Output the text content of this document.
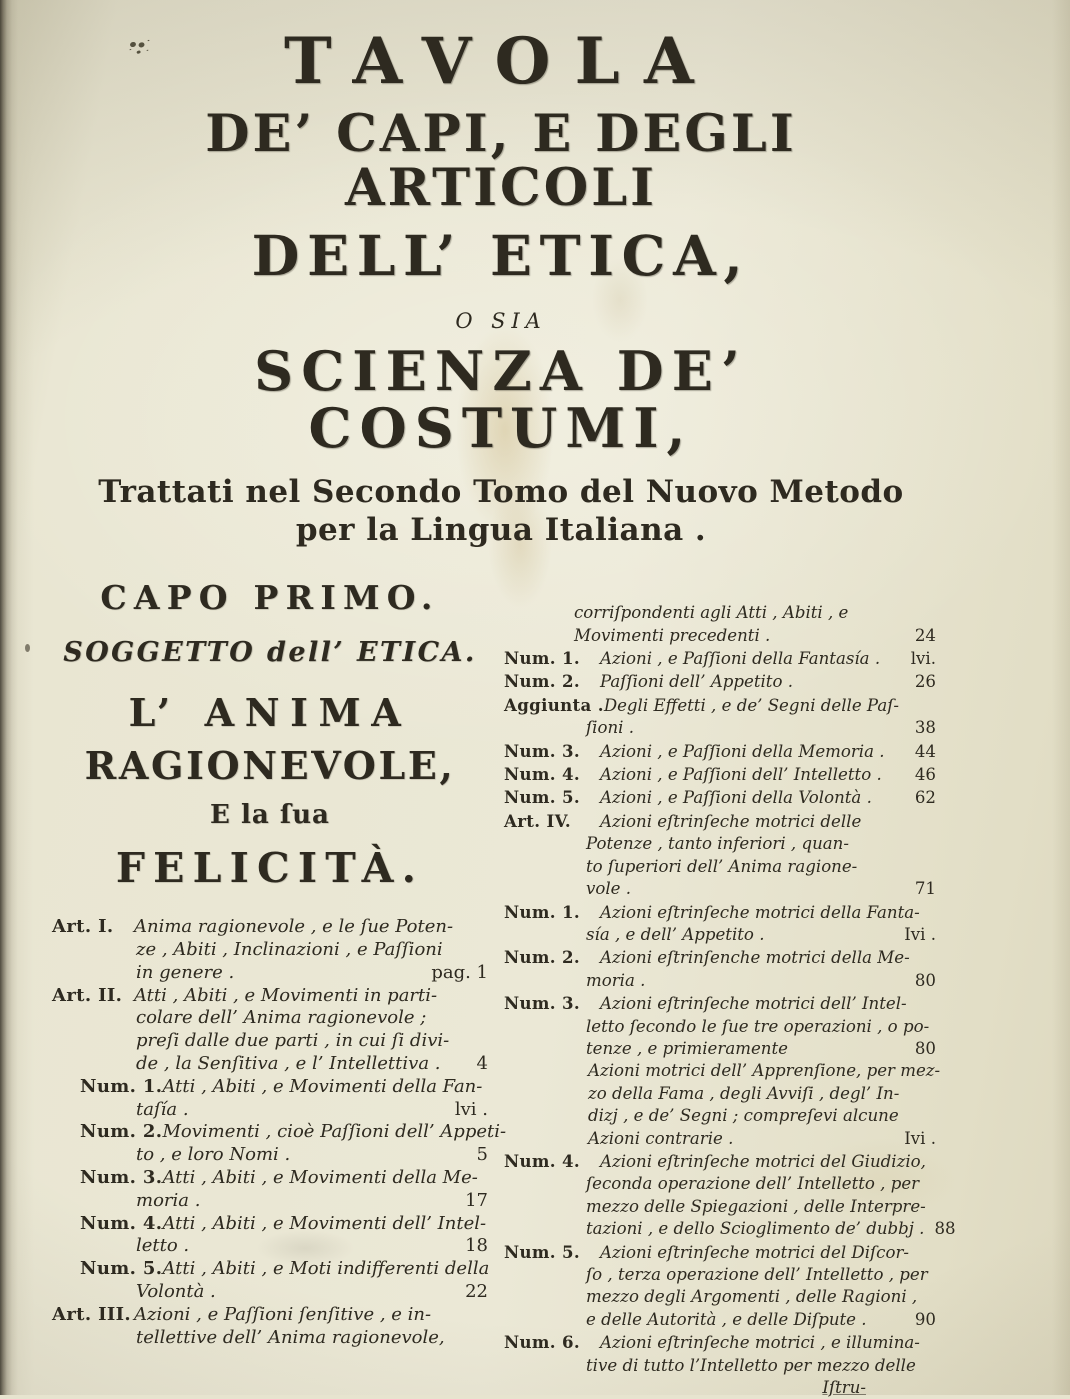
TAVOLA
DE’ CAPI, E DEGLI ARTICOLI
DELL’ ETICA,
O SIA
SCIENZA DE’ COSTUMI,
Trattati nel Secondo Tomo del Nuovo Metodo
per la Lingua Italiana .
CAPO PRIMO.
SOGGETTO dell’ ETICA.
L’ ANIMA
RAGIONEVOLE,
E la ſua
FELICITÀ.
Art. I.	Anima ragionevole , e le ſue Poten-
ze , Abiti , Inclinazioni , e Paſſioni
in genere .	pag. 1
Art. II. Atti , Abiti , e Movimenti in parti-
colare dell’ Anima ragionevole ;
preſi dalle due parti , in cui ſi divi-
de , la Senſitiva , e l’ Intellettiva .	4
Num. 1. Atti , Abiti , e Movimenti della Fan-
taſía .	lvi .
Num. 2. Movimenti , cioè Paſſioni dell’ Appeti-
to , e loro Nomi .	5
Num. 3. Atti , Abiti , e Movimenti della Me-
moria .	17
Num. 4. Atti , Abiti , e Movimenti dell’ Intel-
letto .	18
Num. 5. Atti , Abiti , e Moti indifferenti della
Volontà .	22
Art. III. Azioni , e Paſſioni ſenſitive , e in-
tellettive dell’ Anima ragionevole,
corriſpondenti agli Atti , Abiti , e
Movimenti precedenti .	24
Num. 1.	Azioni , e Paſſioni della Fantasía .	lvi.
Num. 2.	Paſſioni dell’ Appetito .	26
Aggiunta . Degli Effetti , e de’ Segni delle Paſ-
ſioni .	38
Num. 3.	Azioni , e Paſſioni della Memoria .	44
Num. 4.	Azioni , e Paſſioni dell’ Intelletto .	46
Num. 5.	Azioni , e Paſſioni della Volontà .	62
Art. IV.	Azioni eſtrinſeche motrici delle
Potenze , tanto inferiori , quan-
to ſuperiori dell’ Anima ragione-
vole .	71
Num. 1.	Azioni eſtrinſeche motrici della Fanta-
sía , e dell’ Appetito .	Ivi .
Num. 2.	Azioni eſtrinſenche motrici della Me-
moria .	80
Num. 3.	Azioni eſtrinſeche motrici dell’ Intel-
letto ſecondo le ſue tre operazioni , o po-
tenze , e primieramente	80
Azioni motrici dell’ Apprenſione, per mez-
zo della Fama , degli Avviſi , degl’ In-
dizj , e de’ Segni ; compreſevi alcune
Azioni contrarie .	Ivi .
Num. 4.	Azioni eſtrinſeche motrici del Giudizio,
ſeconda operazione dell’ Intelletto , per
mezzo delle Spiegazioni , delle Interpre-
tazioni , e dello Scioglimento de’ dubbj . 88
Num. 5.	Azioni eſtrinſeche motrici del Diſcor-
ſo , terza operazione dell’ Intelletto , per
mezzo degli Argomenti , delle Ragioni ,
e delle Autorità , e delle Diſpute .	90
Num. 6.	Azioni eſtrinſeche motrici , e illumina-
tive di tutto l’Intelletto per mezzo delle
Iſtru-
